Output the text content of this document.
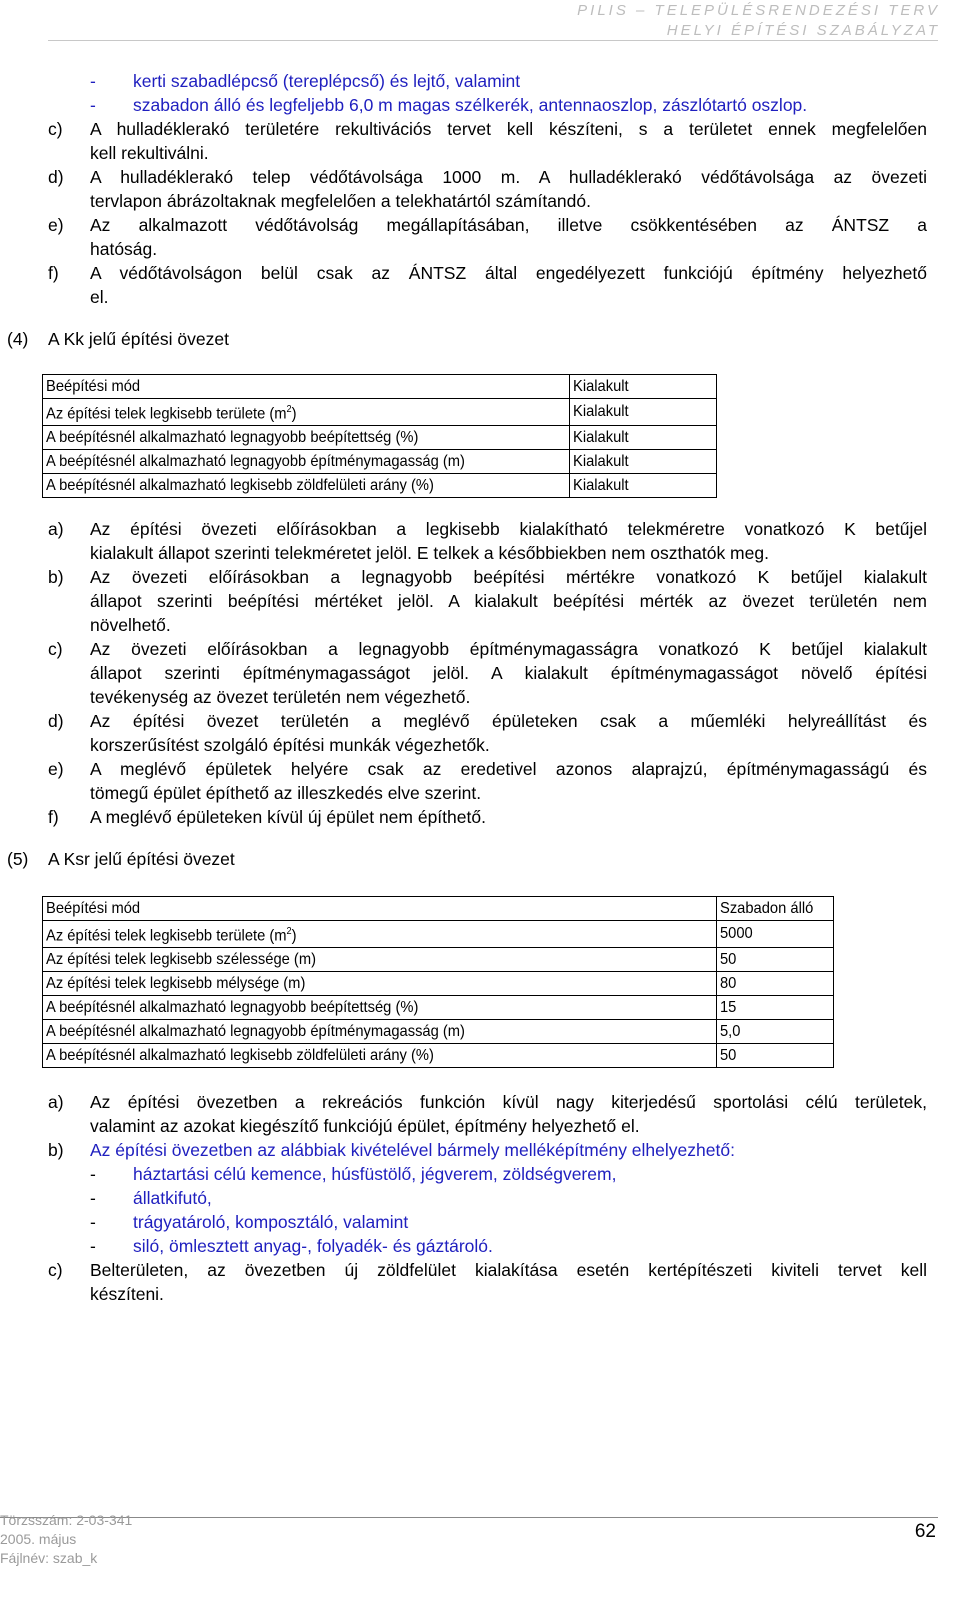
PILIS – TELEPÜLÉSRENDEZÉSI TERV
HELYI ÉPÍTÉSI SZABÁLYZAT
- kerti szabadlépcső (tereplépcső) és lejtő, valamint
- szabadon álló és legfeljebb 6,0 m magas szélkerék, antennaoszlop, zászlótartó oszlop.
c) A hulladéklerakó területére rekultivációs tervet kell készíteni, s a területet ennek megfelelően
kell rekultiválni.
d) A hulladéklerakó telep védőtávolsága 1000 m. A hulladéklerakó védőtávolsága az övezeti
tervlapon ábrázoltaknak megfelelően a telekhatártól számítandó.
e) Az alkalmazott védőtávolság megállapításában, illetve csökkentésében az ÁNTSZ a
hatóság.
f) A védőtávolságon belül csak az ÁNTSZ által engedélyezett funkciójú építmény helyezhető
el.
(4) A Kk jelű építési övezet
Beépítési mód	Kialakult
Az építési telek legkisebb területe $(m^2)$	Kialakult
A beépítésnél alkalmazható legnagyobb beépítettség (%)	Kialakult
A beépítésnél alkalmazható legnagyobb építménymagasság (m)	Kialakult
A beépítésnél alkalmazható legkisebb zöldfelületi arány (%)	Kialakult
a) Az építési övezeti előírásokban a legkisebb kialakítható telekméretre vonatkozó K betűjel
kialakult állapot szerinti telekméretet jelöl. E telkek a későbbiekben nem oszthatók meg.
b) Az övezeti előírásokban a legnagyobb beépítési mértékre vonatkozó K betűjel kialakult
állapot szerinti beépítési mértéket jelöl. A kialakult beépítési mérték az övezet területén nem
növelhető.
c) Az övezeti előírásokban a legnagyobb építménymagasságra vonatkozó K betűjel kialakult
állapot szerinti építménymagasságot jelöl. A kialakult építménymagasságot növelő építési
tevékenység az övezet területén nem végezhető.
d) Az építési övezet területén a meglévő épületeken csak a műemléki helyreállítást és
korszerűsítést szolgáló építési munkák végezhetők.
e) A meglévő épületek helyére csak az eredetivel azonos alaprajzú, építménymagasságú és
tömegű épület építhető az illeszkedés elve szerint.
f) A meglévő épületeken kívül új épület nem építhető.
(5) A Ksr jelű építési övezet
Beépítési mód	Szabadon álló
Az építési telek legkisebb területe $(m^2)$	5000
Az építési telek legkisebb szélessége (m)	50
Az építési telek legkisebb mélysége (m)	80
A beépítésnél alkalmazható legnagyobb beépítettség (%)	15
A beépítésnél alkalmazható legnagyobb építménymagasság (m)	5,0
A beépítésnél alkalmazható legkisebb zöldfelületi arány (%)	50
a) Az építési övezetben a rekreációs funkción kívül nagy kiterjedésű sportolási célú területek,
valamint az azokat kiegészítő funkciójú épület, építmény helyezhető el.
b) Az építési övezetben az alábbiak kivételével bármely melléképítmény elhelyezhető:
- háztartási célú kemence, húsfüstölő, jégverem, zöldségverem,
- állatkifutó,
- trágyatároló, komposztáló, valamint
- siló, ömlesztett anyag-, folyadék- és gáztároló.
c) Belterületen, az övezetben új zöldfelület kialakítása esetén kertépítészeti kiviteli tervet kell
készíteni.
Törzsszám: 2-03-341
2005. május
Fájlnév: szab_k
62
